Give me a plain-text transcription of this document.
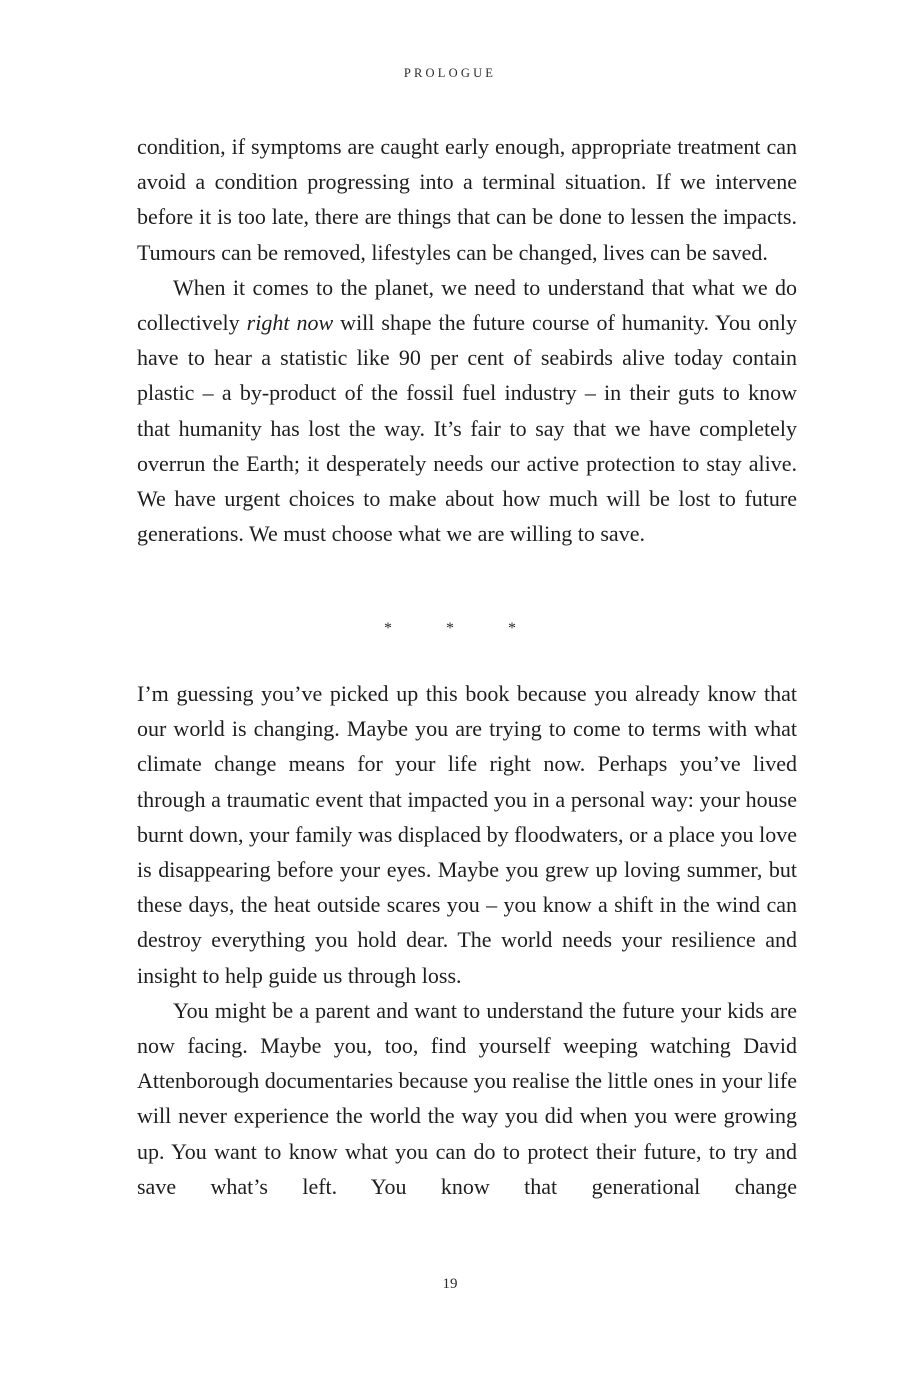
PROLOGUE

condition, if symptoms are caught early enough, appropriate treatment can avoid a condition progressing into a terminal situation. If we intervene before it is too late, there are things that can be done to lessen the impacts. Tumours can be removed, lifestyles can be changed, lives can be saved.

When it comes to the planet, we need to understand that what we do collectively right now will shape the future course of humanity. You only have to hear a statistic like 90 per cent of seabirds alive today contain plastic – a by-product of the fossil fuel industry – in their guts to know that humanity has lost the way. It’s fair to say that we have completely overrun the Earth; it desperately needs our active protection to stay alive. We have urgent choices to make about how much will be lost to future generations. We must choose what we are willing to save.

*	*	*

I’m guessing you’ve picked up this book because you already know that our world is changing. Maybe you are trying to come to terms with what climate change means for your life right now. Perhaps you’ve lived through a traumatic event that impacted you in a personal way: your house burnt down, your family was displaced by floodwaters, or a place you love is disappearing before your eyes. Maybe you grew up loving summer, but these days, the heat outside scares you – you know a shift in the wind can destroy everything you hold dear. The world needs your resilience and insight to help guide us through loss.

You might be a parent and want to understand the future your kids are now facing. Maybe you, too, find yourself weeping watching David Attenborough documentaries because you realise the little ones in your life will never experience the world the way you did when you were growing up. You want to know what you can do to protect their future, to try and save what’s left. You know that generational change

19
